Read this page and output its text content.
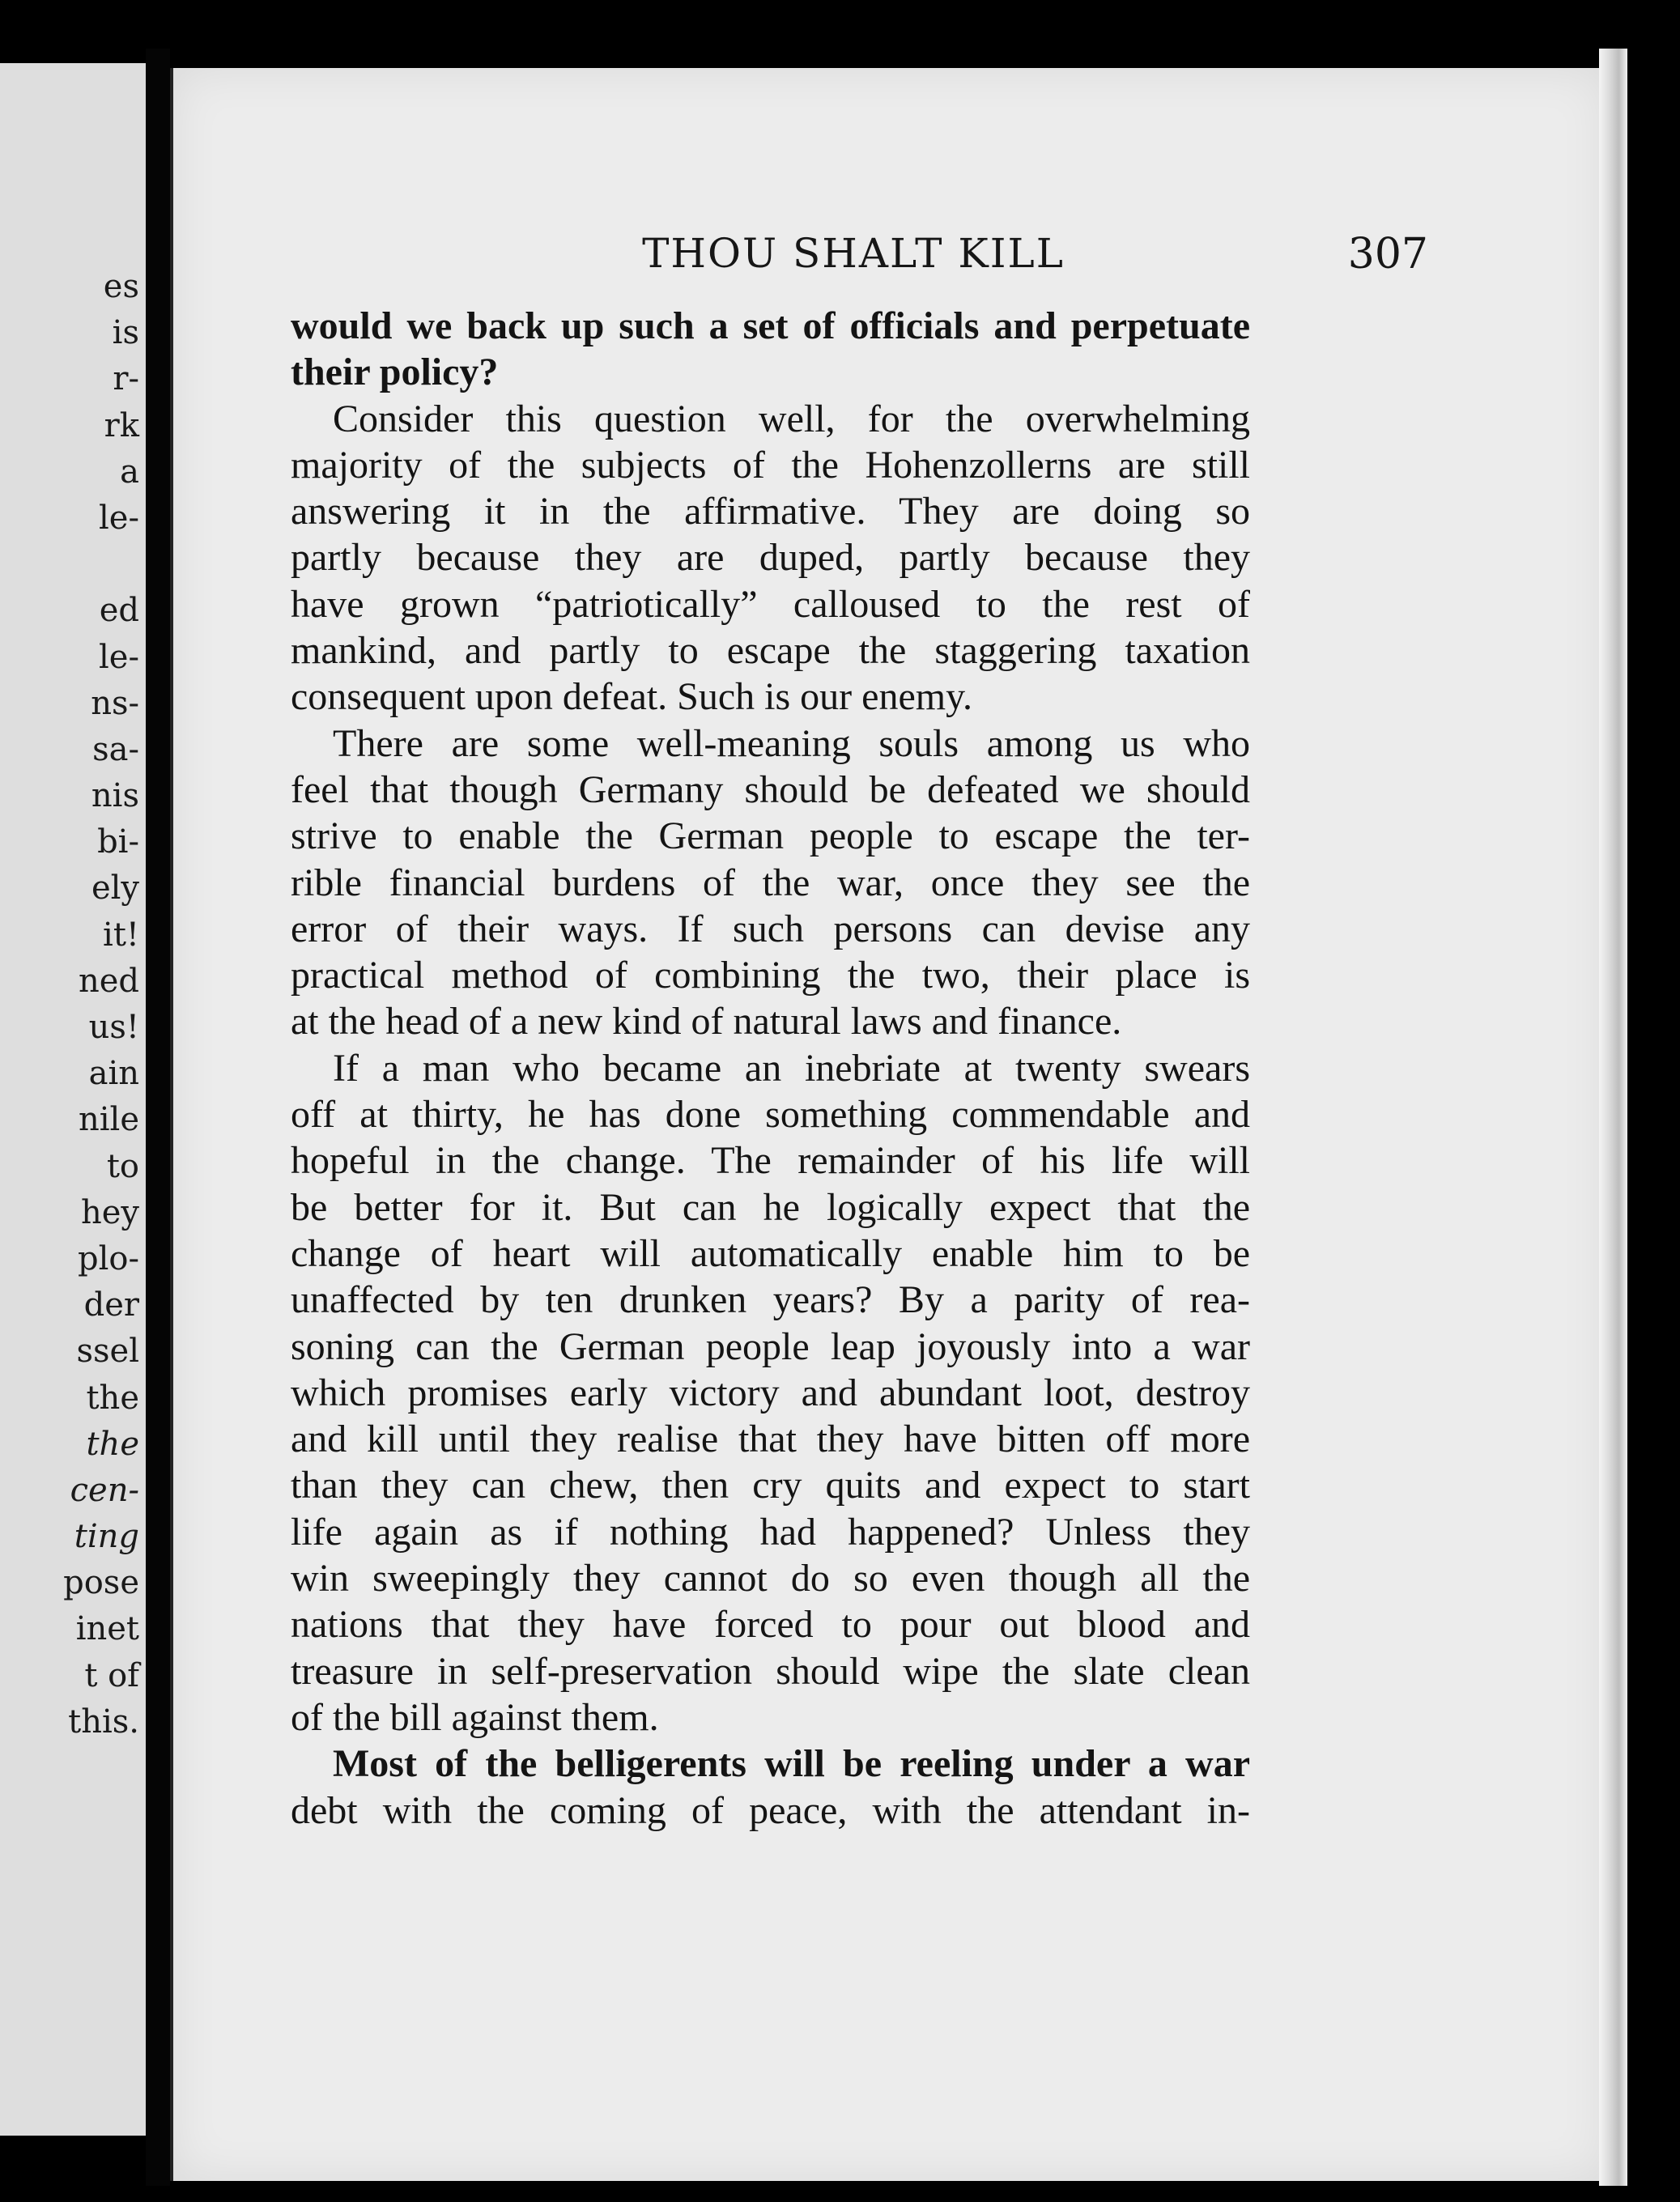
es
is
r-
rk
a
le-
ed
le-
ns-
sa-
nis
bi-
ely
it!
ned
us!
ain
nile
to
hey
plo-
der
ssel
the
the
cen-
ting
pose
inet
t of
this.
THOU SHALT KILL	307
would we back up such a set of officials and perpetuate
their policy?
Consider this question well, for the overwhelming
majority of the subjects of the Hohenzollerns are still
answering it in the affirmative. They are doing so
partly because they are duped, partly because they
have grown “patriotically” calloused to the rest of
mankind, and partly to escape the staggering taxation
consequent upon defeat. Such is our enemy.
There are some well-meaning souls among us who
feel that though Germany should be defeated we should
strive to enable the German people to escape the ter-
rible financial burdens of the war, once they see the
error of their ways. If such persons can devise any
practical method of combining the two, their place is
at the head of a new kind of natural laws and finance.
If a man who became an inebriate at twenty swears
off at thirty, he has done something commendable and
hopeful in the change. The remainder of his life will
be better for it. But can he logically expect that the
change of heart will automatically enable him to be
unaffected by ten drunken years? By a parity of rea-
soning can the German people leap joyously into a war
which promises early victory and abundant loot, destroy
and kill until they realise that they have bitten off more
than they can chew, then cry quits and expect to start
life again as if nothing had happened? Unless they
win sweepingly they cannot do so even though all the
nations that they have forced to pour out blood and
treasure in self-preservation should wipe the slate clean
of the bill against them.
Most of the belligerents will be reeling under a war
debt with the coming of peace, with the attendant in-
